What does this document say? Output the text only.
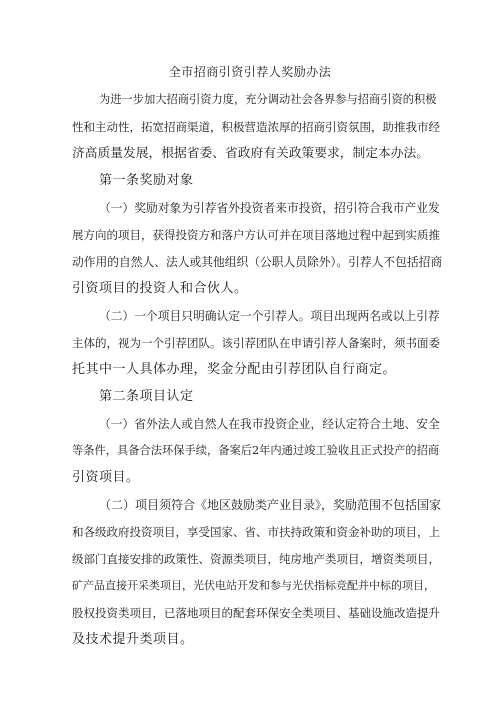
全市招商引资引荐人奖励办法
为进一步加大招商引资力度，充分调动社会各界参与招商引资的积极
性和主动性，拓宽招商渠道，积极营造浓厚的招商引资氛围，助推我市经
济高质量发展，根据省委、省政府有关政策要求，制定本办法。
第一条奖励对象
（一）奖励对象为引荐省外投资者来市投资，招引符合我市产业发
展方向的项目，获得投资方和落户方认可并在项目落地过程中起到实质推
动作用的自然人、法人或其他组织（公职人员除外）。引荐人不包括招商
引资项目的投资人和合伙人。
（二）一个项目只明确认定一个引荐人。项目出现两名或以上引荐
主体的，视为一个引荐团队。该引荐团队在申请引荐人备案时，须书面委
托其中一人具体办理，奖金分配由引荐团队自行商定。
第二条项目认定
（一）省外法人或自然人在我市投资企业，经认定符合土地、安全
等条件，具备合法环保手续，备案后2年内通过竣工验收且正式投产的招商
引资项目。
（二）项目须符合《地区鼓励类产业目录》，奖励范围不包括国家
和各级政府投资项目，享受国家、省、市扶持政策和资金补助的项目，上
级部门直接安排的政策性、资源类项目，纯房地产类项目，增资类项目，
矿产品直接开采类项目，光伏电站开发和参与光伏指标竞配并中标的项目，
股权投资类项目，已落地项目的配套环保安全类项目、基础设施改造提升
及技术提升类项目。
